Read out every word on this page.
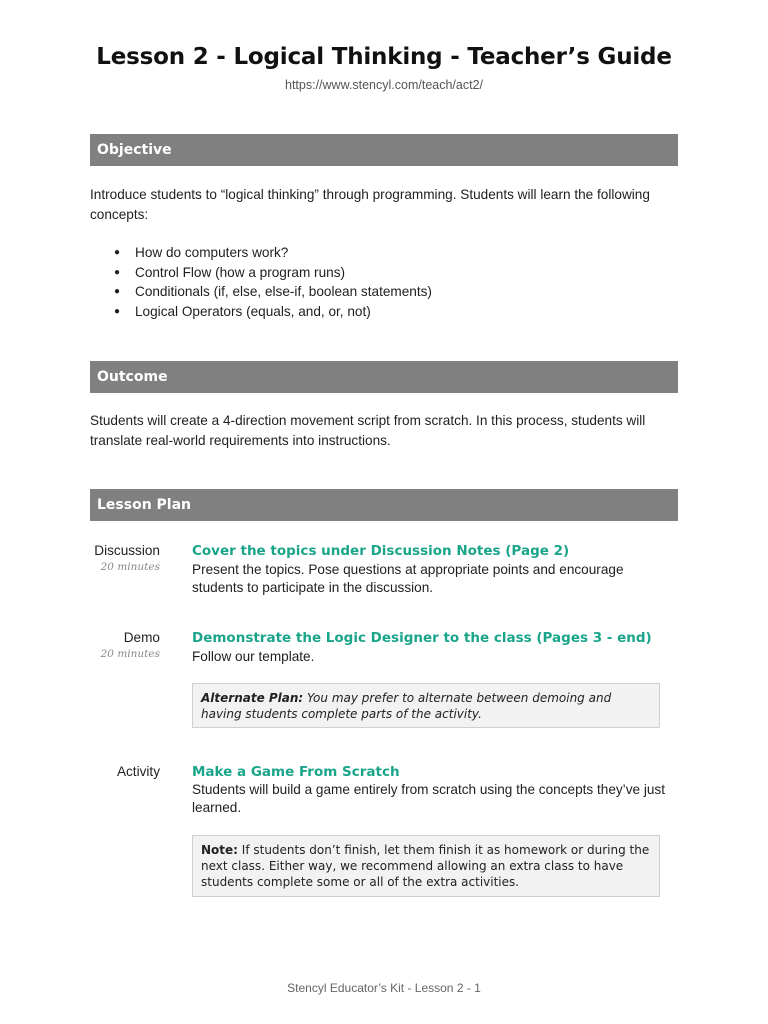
Lesson 2 - Logical Thinking - Teacher’s Guide
https://www.stencyl.com/teach/act2/
Objective
Introduce students to “logical thinking” through programming. Students will learn the following concepts:
● How do computers work?
● Control Flow (how a program runs)
● Conditionals (if, else, else-if, boolean statements)
● Logical Operators (equals, and, or, not)
Outcome
Students will create a 4-direction movement script from scratch. In this process, students will translate real-world requirements into instructions.
Lesson Plan
Discussion
20 minutes
Cover the topics under Discussion Notes (Page 2)
Present the topics. Pose questions at appropriate points and encourage students to participate in the discussion.
Demo
20 minutes
Demonstrate the Logic Designer to the class (Pages 3 - end)
Follow our template.
Alternate Plan: You may prefer to alternate between demoing and having students complete parts of the activity.
Activity Make a Game From Scratch
Students will build a game entirely from scratch using the concepts they’ve just learned.
Note: If students don’t finish, let them finish it as homework or during the next class. Either way, we recommend allowing an extra class to have students complete some or all of the extra activities.
Stencyl Educator’s Kit - Lesson 2 - 1
